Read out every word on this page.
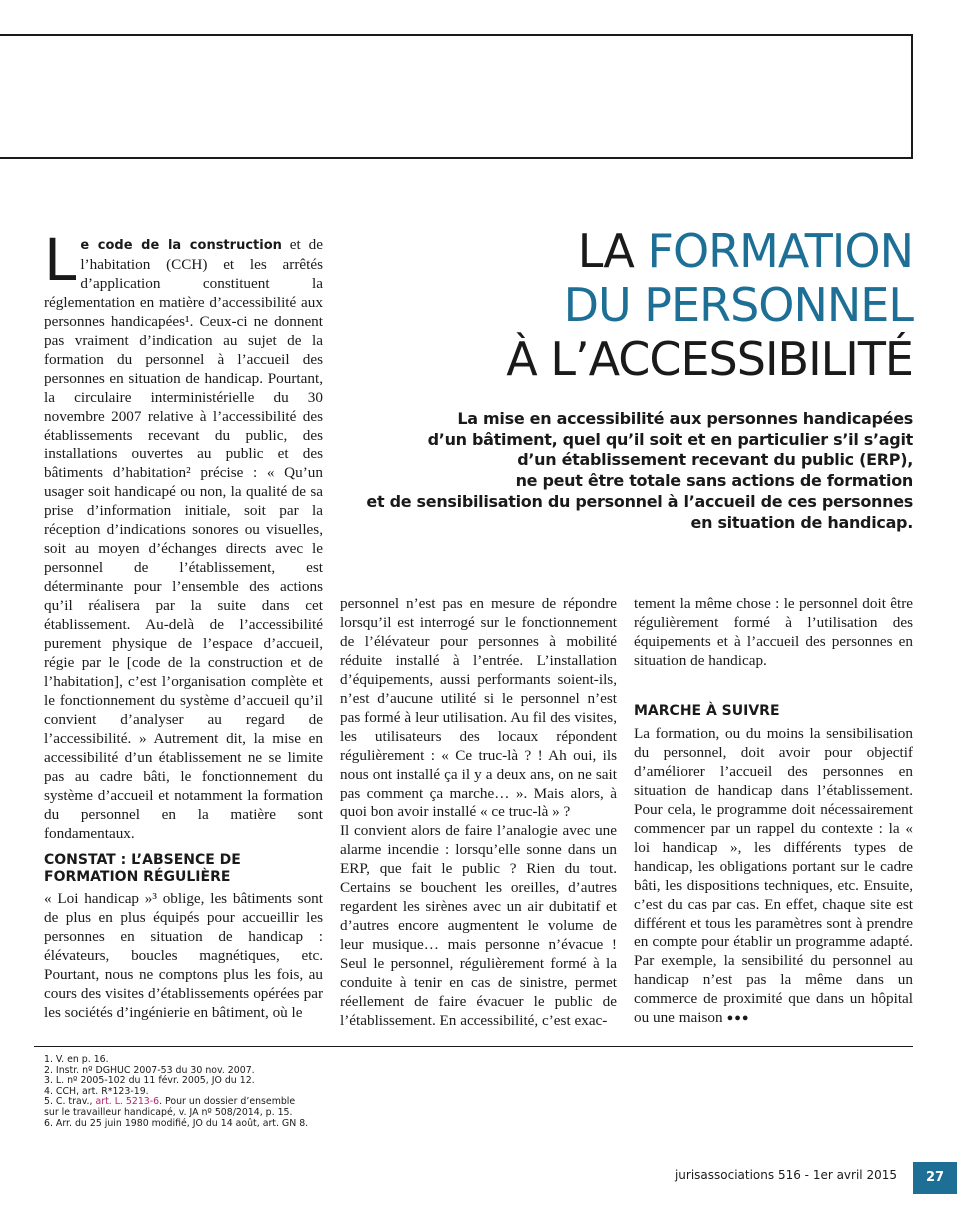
LA FORMATION
DU PERSONNEL
À L’ACCESSIBILITÉ
La mise en accessibilité aux personnes handicapées
d’un bâtiment, quel qu’il soit et en particulier s’il s’agit
d’un établissement recevant du public (ERP),
ne peut être totale sans actions de formation
et de sensibilisation du personnel à l’accueil de ces personnes
en situation de handicap.
Le code de la construction et de l’habitation (CCH) et les arrêtés d’application constituent la réglementation en matière d’accessibilité aux personnes handicapées¹. Ceux-ci ne donnent pas vraiment d’indication au sujet de la formation du personnel à l’accueil des personnes en situation de handicap. Pourtant, la circulaire interministérielle du 30 novembre 2007 relative à l’accessibilité des établissements recevant du public, des installations ouvertes au public et des bâtiments d’habitation² précise : « Qu’un usager soit handicapé ou non, la qualité de sa prise d’information initiale, soit par la réception d’indications sonores ou visuelles, soit au moyen d’échanges directs avec le personnel de l’établissement, est déterminante pour l’ensemble des actions qu’il réalisera par la suite dans cet établissement. Au-delà de l’accessibilité purement physique de l’espace d’accueil, régie par le [code de la construction et de l’habitation], c’est l’organisation complète et le fonctionnement du système d’accueil qu’il convient d’analyser au regard de l’accessibilité. » Autrement dit, la mise en accessibilité d’un établissement ne se limite pas au cadre bâti, le fonctionnement du système d’accueil et notamment la formation du personnel en la matière sont fondamentaux.
CONSTAT : L’ABSENCE DE
FORMATION RÉGULIÈRE
« Loi handicap »³ oblige, les bâtiments sont de plus en plus équipés pour accueillir les personnes en situation de handicap : élévateurs, boucles magnétiques, etc. Pourtant, nous ne comptons plus les fois, au cours des visites d’établissements opérées par les sociétés d’ingénierie en bâtiment, où le
personnel n’est pas en mesure de répondre lorsqu’il est interrogé sur le fonctionnement de l’élévateur pour personnes à mobilité réduite installé à l’entrée. L’installation d’équipements, aussi performants soient-ils, n’est d’aucune utilité si le personnel n’est pas formé à leur utilisation. Au fil des visites, les utilisateurs des locaux répondent régulièrement : « Ce truc-là ? ! Ah oui, ils nous ont installé ça il y a deux ans, on ne sait pas comment ça marche… ». Mais alors, à quoi bon avoir installé « ce truc-là » ?
Il convient alors de faire l’analogie avec une alarme incendie : lorsqu’elle sonne dans un ERP, que fait le public ? Rien du tout. Certains se bouchent les oreilles, d’autres regardent les sirènes avec un air dubitatif et d’autres encore augmentent le volume de leur musique… mais personne n’évacue ! Seul le personnel, régulièrement formé à la conduite à tenir en cas de sinistre, permet réellement de faire évacuer le public de l’établissement. En accessibilité, c’est exac-
tement la même chose : le personnel doit être régulièrement formé à l’utilisation des équipements et à l’accueil des personnes en situation de handicap.
MARCHE À SUIVRE
La formation, ou du moins la sensibilisation du personnel, doit avoir pour objectif d’améliorer l’accueil des personnes en situation de handicap dans l’établissement. Pour cela, le programme doit nécessairement commencer par un rappel du contexte : la « loi handicap », les différents types de handicap, les obligations portant sur le cadre bâti, les dispositions techniques, etc. Ensuite, c’est du cas par cas. En effet, chaque site est différent et tous les paramètres sont à prendre en compte pour établir un programme adapté. Par exemple, la sensibilité du personnel au handicap n’est pas la même dans un commerce de proximité que dans un hôpital ou une maison ●●●
1. V. en p. 16.
2. Instr. nº DGHUC 2007-53 du 30 nov. 2007.
3. L. nº 2005-102 du 11 févr. 2005, JO du 12.
4. CCH, art. R*123-19.
5. C. trav., art. L. 5213-6. Pour un dossier d’ensemble
sur le travailleur handicapé, v. JA nº 508/2014, p. 15.
6. Arr. du 25 juin 1980 modifié, JO du 14 août, art. GN 8.
jurisassociations 516 - 1er avril 2015	27
